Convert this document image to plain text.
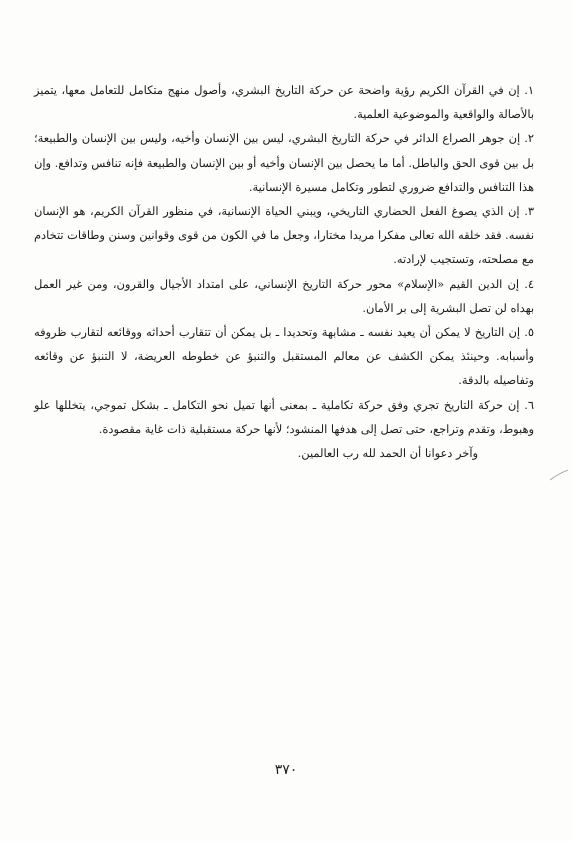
١. إن في القرآن الكريم رؤية واضحة عن حركة التاريخ البشري، وأصول منهج متكامل للتعامل معها، يتميز بالأصالة والواقعية والموضوعية العلمية.

٢. إن جوهر الصراع الدائر في حركة التاريخ البشري، ليس بين الإنسان وأخيه، وليس بين الإنسان والطبيعة؛ بل بين قوى الحق والباطل. أما ما يحصل بين الإنسان وأخيه أو بين الإنسان والطبيعة فإنه تنافس وتدافع. وإن هذا التنافس والتدافع ضروري لتطور وتكامل مسيرة الإنسانية.

٣. إن الذي يصوغ الفعل الحضاري التاريخي، ويبني الحياة الإنسانية، في منظور القرآن الكريم، هو الإنسان نفسه. فقد خلقه الله تعالى مفكرا مريدا مختارا، وجعل ما في الكون من قوى وقوانين وسنن وطاقات تتخادم مع مصلحته، وتستجيب لإرادته.

٤. إن الدين القيم «الإسلام» محور حركة التاريخ الإنساني، على امتداد الأجيال والقرون، ومن غير العمل بهداه لن تصل البشرية إلى بر الأمان.

٥. إن التاريخ لا يمكن أن يعيد نفسه ـ مشابهة وتحديدا ـ بل يمكن أن تتقارب أحداثه ووقائعه لتقارب ظروفه وأسبابه. وحينئذ يمكن الكشف عن معالم المستقبل والتنبؤ عن خطوطه العريضة، لا التنبؤ عن وقائعه وتفاصيله بالدقة.

٦. إن حركة التاريخ تجري وفق حركة تكاملية ـ بمعنى أنها تميل نحو التكامل ـ بشكل تموجي، يتخللها علو وهبوط، وتقدم وتراجع، حتى تصل إلى هدفها المنشود؛ لأنها حركة مستقبلية ذات غاية مقصودة.

وآخر دعوانا أن الحمد لله رب العالمين.

٣٧٠
